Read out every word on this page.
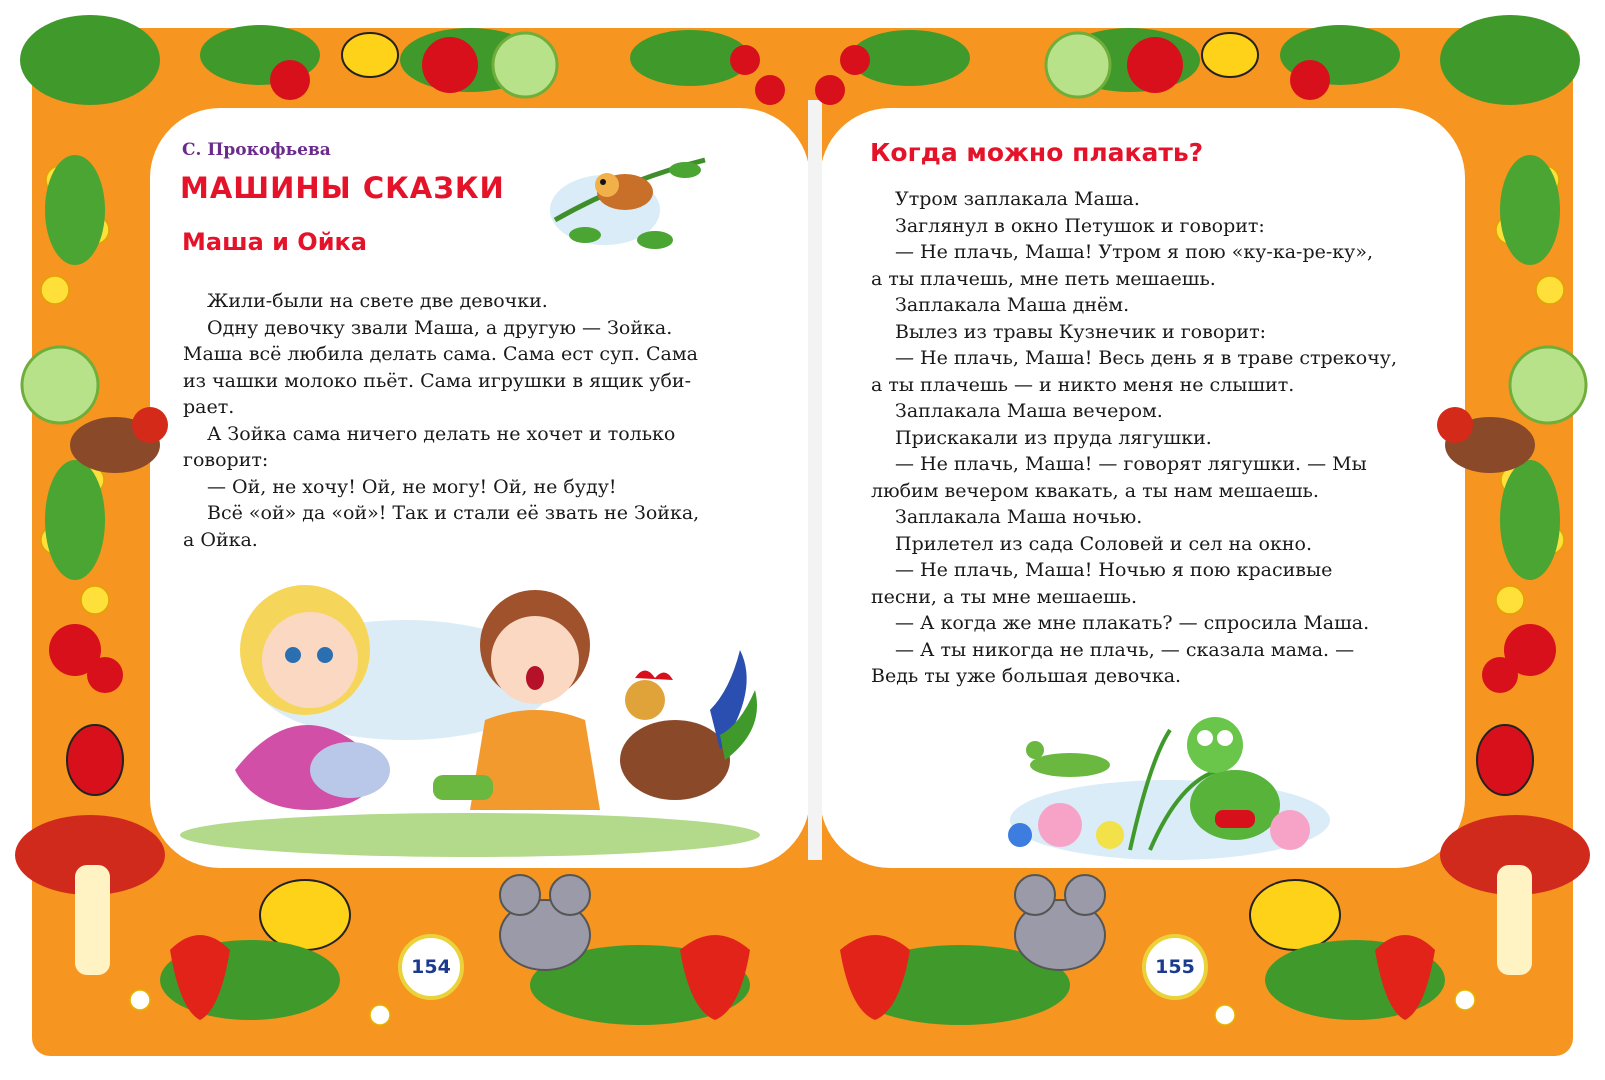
С. Прокофьева
МАШИНЫ СКАЗКИ
Маша и Ойка

Жили-были на свете две девочки.

Одну девочку звали Маша, а другую — Зойка.

Маша всё любила делать сама. Сама ест суп. Сама

из чашки молоко пьёт. Сама игрушки в ящик уби-

рает.

А Зойка сама ничего делать не хочет и только

говорит:

— Ой, не хочу! Ой, не могу! Ой, не буду!

Всё «ой» да «ой»! Так и стали её звать не Зойка,

а Ойка.

Когда можно плакать?

Утром заплакала Маша.

Заглянул в окно Петушок и говорит:

— Не плачь, Маша! Утром я пою «ку-ка-ре-ку»,

а ты плачешь, мне петь мешаешь.

Заплакала Маша днём.

Вылез из травы Кузнечик и говорит:

— Не плачь, Маша! Весь день я в траве стрекочу,

а ты плачешь — и никто меня не слышит.

Заплакала Маша вечером.

Прискакали из пруда лягушки.

— Не плачь, Маша! — говорят лягушки. — Мы

любим вечером квакать, а ты нам мешаешь.

Заплакала Маша ночью.

Прилетел из сада Соловей и сел на окно.

— Не плачь, Маша! Ночью я пою красивые

песни, а ты мне мешаешь.

— А когда же мне плакать? — спросила Маша.

— А ты никогда не плачь, — сказала мама. —

Ведь ты уже большая девочка.

154	155
